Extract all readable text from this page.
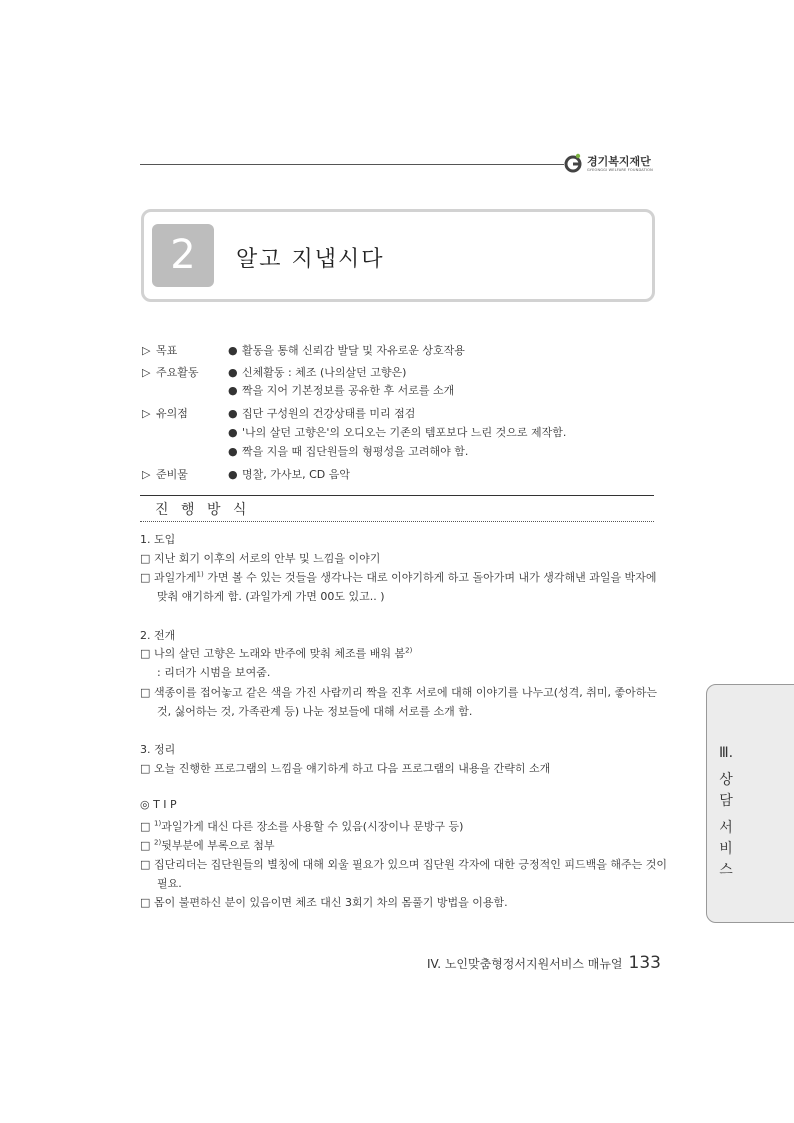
경기복지재단
GYEONGGI WELFARE FOUNDATION
2	알고 지냅시다
▷ 목표	● 활동을 통해 신뢰감 발달 및 자유로운 상호작용
▷ 주요활동	● 신체활동 : 체조 (나의살던 고향은)
● 짝을 지어 기본정보를 공유한 후 서로를 소개
▷ 유의점	● 집단 구성원의 건강상태를 미리 점검
● '나의 살던 고향은'의 오디오는 기존의 템포보다 느린 것으로 제작함.
● 짝을 지을 때 집단원들의 형평성을 고려해야 함.
▷ 준비물	● 명찰, 가사보, CD 음악
진 행 방 식
1. 도입
□ 지난 회기 이후의 서로의 안부 및 느낌을 이야기
□ 과일가게$^{1)}$ 가면 볼 수 있는 것들을 생각나는 대로 이야기하게 하고 돌아가며 내가 생각해낸 과일을 박자에
맞춰 얘기하게 함. (과일가게 가면 00도 있고.. )
2. 전개
□ 나의 살던 고향은 노래와 반주에 맞춰 체조를 배워 봄$^{2)}$
: 리더가 시범을 보여줌.
□ 색종이를 접어놓고 같은 색을 가진 사람끼리 짝을 진후 서로에 대해 이야기를 나누고(성격, 취미, 좋아하는
것, 싫어하는 것, 가족관계 등) 나눈 정보들에 대해 서로를 소개 함.
3. 정리
□ 오늘 진행한 프로그램의 느낌을 얘기하게 하고 다음 프로그램의 내용을 간략히 소개
◎ T I P
□ $^{1)}$과일가게 대신 다른 장소를 사용할 수 있음(시장이나 문방구 등)
□ $^{2)}$뒷부분에 부록으로 첨부
□ 집단리더는 집단원들의 별칭에 대해 외울 필요가 있으며 집단원 각자에 대한 긍정적인 피드백을 해주는 것이
필요.
□ 몸이 불편하신 분이 있음이면 체조 대신 3회기 차의 몸풀기 방법을 이용함.
Ⅲ.
상
담
서
비
스
IV. 노인맞춤형정서지원서비스 매뉴얼 133
